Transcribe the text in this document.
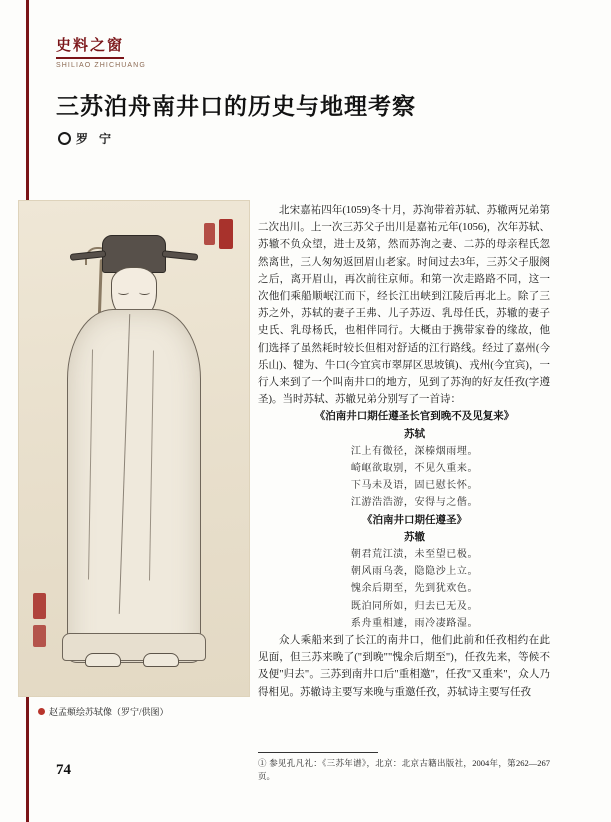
史料之窗
SHILIAO ZHICHUANG
三苏泊舟南井口的历史与地理考察
罗 宁
赵孟頫绘苏轼像（罗宁/供图）

北宋嘉祐四年(1059)冬十月，苏洵带着苏轼、苏辙两兄弟第二次出川。上一次三苏父子出川是嘉祐元年(1056)，次年苏轼、苏辙不负众望，进士及第，然而苏洵之妻、二苏的母亲程氏忽然离世，三人匆匆返回眉山老家。时间过去3年，三苏父子服阕之后，离开眉山，再次前往京师。和第一次走路路不同，这一次他们乘船顺岷江而下，经长江出峡到江陵后再北上。除了三苏之外，苏轼的妻子王弗、儿子苏迈、乳母任氏，苏辙的妻子史氏、乳母杨氏，也相伴同行。大概由于携带家眷的缘故，他们选择了虽然耗时较长但相对舒适的江行路线。经过了嘉州(今乐山)、犍为、牛口(今宜宾市翠屏区思坡镇)、戎州(今宜宾)，一行人来到了一个叫南井口的地方，见到了苏洵的好友任孜(字遵圣)。当时苏轼、苏辙兄弟分别写了一首诗：

《泊南井口期任遵圣长官到晚不及见复来》

苏轼

江上有微径，深榛烟雨埋。

崎岖欲取别，不见久重来。

下马未及语，固已慰长怀。

江游浩浩游，安得与之偕。

《泊南井口期任遵圣》

苏辙

朝君荒江渍，未至望已极。

朝风雨乌袭，隐隐沙上立。

愧余后期至，先到犹欢色。

既泊同所如，归去已无及。

系舟重相遽，雨冷凄路湿。

众人乘船来到了长江的南井口，他们此前和任孜相约在此见面，但三苏来晚了("到晚""愧余后期至")，任孜先来，等候不及便"归去"。三苏到南井口后"重相邀"，任孜"又重来"，众人乃得相见。苏辙诗主要写来晚与重邀任孜，苏轼诗主要写任孜

① 参见孔凡礼：《三苏年谱》，北京：北京古籍出版社，2004年，第262—267页。
74
